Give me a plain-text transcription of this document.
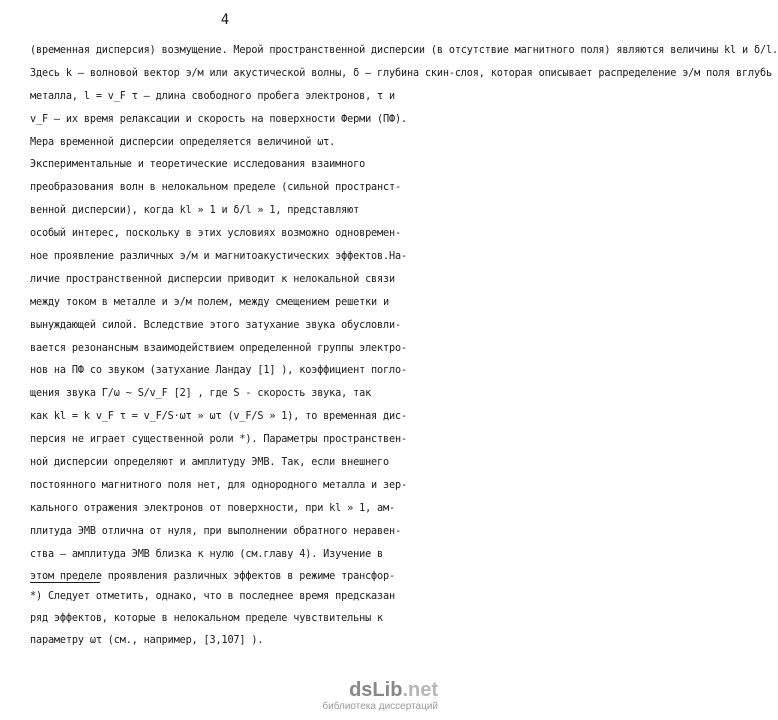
4
(временная дисперсия) возмущение. Мерой пространственной дисперсии (в отсутствие магнитного поля) являются величины kl и δ/l.
Здесь k – волновой вектор э/м или акустической волны, δ – глубина скин-слоя, которая описывает распределение э/м поля вглубь
металла, l = v_F τ – длина свободного пробега электронов, τ и
v_F – их время релаксации и скорость на поверхности Ферми (ПФ).
Мера временной дисперсии определяется величиной ωτ.
Экспериментальные и теоретические исследования взаимного
преобразования волн в нелокальном пределе (сильной пространст-
венной дисперсии), когда kl » 1 и δ/l » 1, представляют
особый интерес, поскольку в этих условиях возможно одновремен-
ное проявление различных э/м и магнитоакустических эффектов.На-
личие пространственной дисперсии приводит к нелокальной связи
между током в металле и э/м полем, между смещением решетки и
вынуждающей силой. Вследствие этого затухание звука обусловли-
вается резонансным взаимодействием определенной группы электро-
нов на ПФ со звуком (затухание Ландау [1] ), коэффициент погло-
щения звука Γ/ω ~ S/v_F [2] , где S - скорость звука, так
как kl = k v_F τ = v_F/S·ωτ » ωτ (v_F/S » 1), то временная дис-
персия не играет существенной роли *). Параметры пространствен-
ной дисперсии определяют и амплитуду ЭМВ. Так, если внешнего
постоянного магнитного поля нет, для однородного металла и зер-
кального отражения электронов от поверхности, при kl » 1, ам-
плитуда ЭМВ отлична от нуля, при выполнении обратного неравен-
ства – амплитуда ЭМВ близка к нулю (см.главу 4). Изучение в
этом пределе проявления различных эффектов в режиме трансфор-
*) Следует отметить, однако, что в последнее время предсказан
ряд эффектов, которые в нелокальном пределе чувствительны к
параметру ωτ (см., например, [3,107] ).
dsLib.net
библиотека диссертаций
